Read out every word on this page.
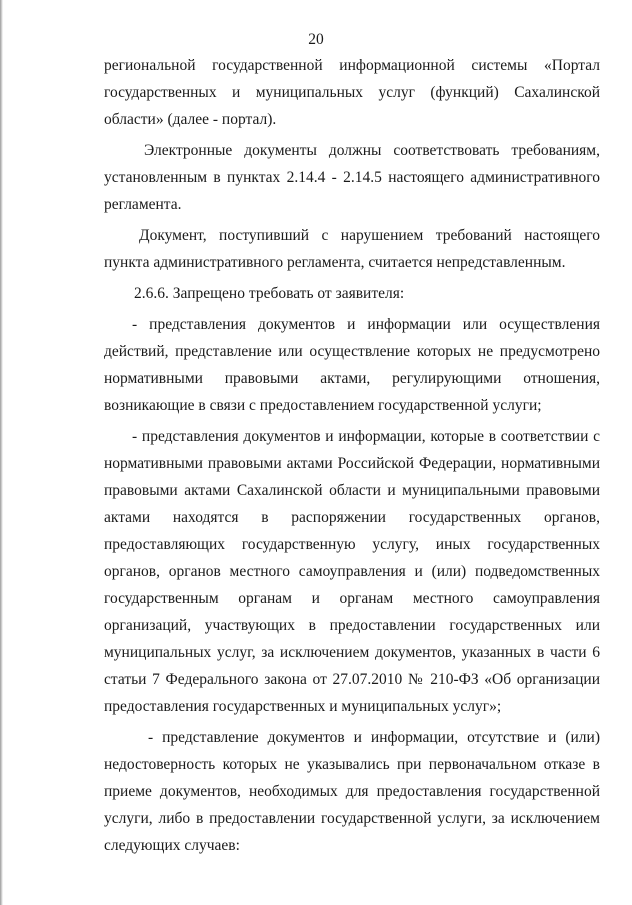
20

региональной государственной информационной системы «Портал государственных и муниципальных услуг (функций) Сахалинской области» (далее - портал).

Электронные документы должны соответствовать требованиям, установленным в пунктах 2.14.4 - 2.14.5 настоящего административного регламента.

Документ, поступивший с нарушением требований настоящего пункта административного регламента, считается непредставленным.

2.6.6. Запрещено требовать от заявителя:

- представления документов и информации или осуществления действий, представление или осуществление которых не предусмотрено нормативными правовыми актами, регулирующими отношения, возникающие в связи с предоставлением государственной услуги;

- представления документов и информации, которые в соответствии с нормативными правовыми актами Российской Федерации, нормативными правовыми актами Сахалинской области и муниципальными правовыми актами находятся в распоряжении государственных органов, предоставляющих государственную услугу, иных государственных органов, органов местного самоуправления и (или) подведомственных государственным органам и органам местного самоуправления организаций, участвующих в предоставлении государственных или муниципальных услуг, за исключением документов, указанных в части 6 статьи 7 Федерального закона от 27.07.2010 № 210-ФЗ «Об организации предоставления государственных и муниципальных услуг»;

- представление документов и информации, отсутствие и (или) недостоверность которых не указывались при первоначальном отказе в приеме документов, необходимых для предоставления государственной услуги, либо в предоставлении государственной услуги, за исключением следующих случаев:
